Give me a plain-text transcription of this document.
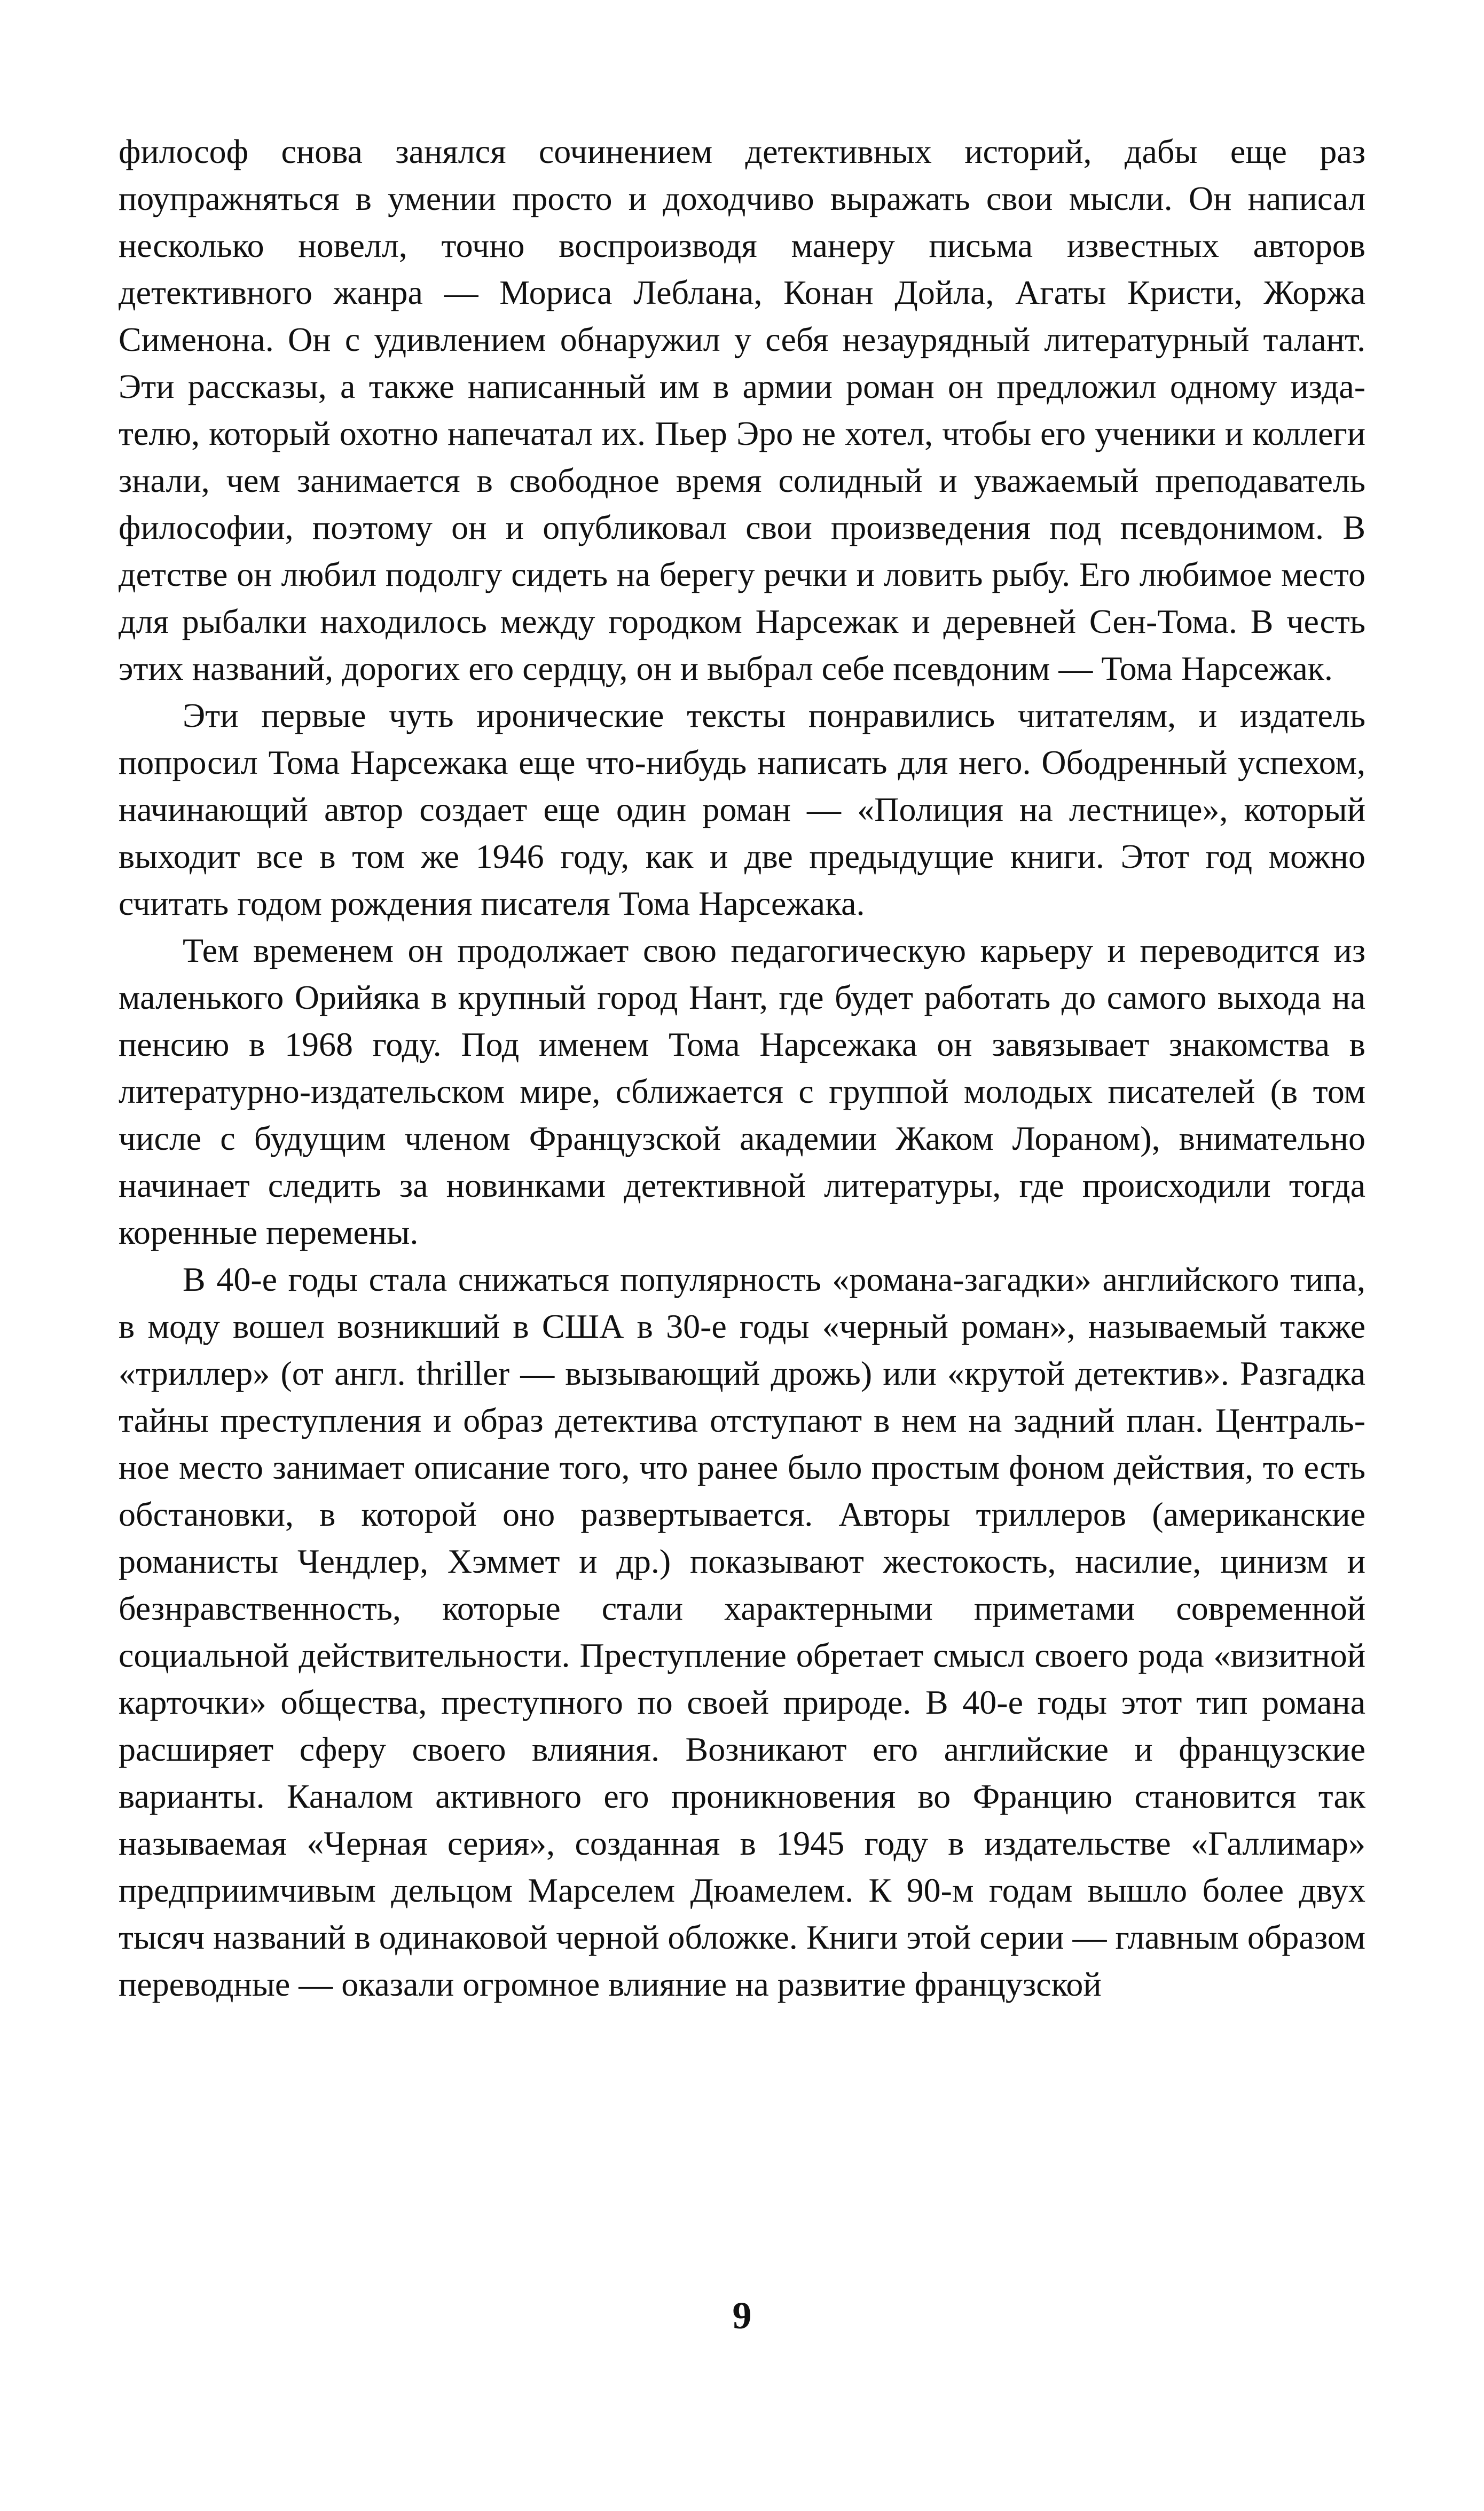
философ снова занялся сочинением детективных историй, дабы еще раз поупражняться в умении просто и доходчиво выражать свои мысли. Он написал несколько новелл, точно воспроизводя манеру письма известных авторов детективного жанра — Мориса Леблана, Конан Дойла, Агаты Кристи, Жоржа Сименона. Он с удивлением обнаружил у себя незаурядный литературный талант. Эти рассказы, а также написанный им в армии роман он предложил одному издателю, который охотно напечатал их. Пьер Эро не хотел, чтобы его ученики и коллеги знали, чем занимается в свободное время солидный и уважаемый преподаватель философии, поэтому он и опубликовал свои произведения под псевдонимом. В детстве он любил подолгу сидеть на берегу речки и ловить рыбу. Его любимое место для рыбалки находилось между городком Нарсежак и деревней Сен-Тома. В честь этих названий, дорогих его сердцу, он и выбрал себе псевдоним — Тома Нарсежак.

Эти первые чуть иронические тексты понравились читателям, и издатель попросил Тома Нарсежака еще что-нибудь написать для него. Ободренный успехом, начинающий автор создает еще один роман — «Полиция на лестнице», который выходит все в том же 1946 году, как и две предыдущие книги. Этот год можно считать годом рождения писателя Тома Нарсежака.

Тем временем он продолжает свою педагогическую карьеру и переводится из маленького Орийяка в крупный город Нант, где будет работать до самого выхода на пенсию в 1968 году. Под именем Тома Нарсежака он завязывает знакомства в литературно-издательском мире, сближается с группой молодых писателей (в том числе с будущим членом Французской академии Жаком Лораном), внимательно начинает следить за новинками детективной литературы, где происходили тогда коренные перемены.

В 40-е годы стала снижаться популярность «романа-загадки» английского типа, в моду вошел возникший в США в 30-е годы «черный роман», называемый также «триллер» (от англ. thriller — вызывающий дрожь) или «крутой детектив». Разгадка тайны преступления и образ детектива отступают в нем на задний план. Центральное место занимает описание того, что ранее было простым фоном действия, то есть обстановки, в которой оно развертывается. Авторы триллеров (американские романисты Чендлер, Хэммет и др.) показывают жестокость, насилие, цинизм и безнравственность, которые стали характерными приметами современной социальной действительности. Преступление обретает смысл своего рода «визитной карточки» общества, преступного по своей природе. В 40-е годы этот тип романа расширяет сферу своего влияния. Возникают его английские и французские варианты. Каналом активного его проникновения во Францию становится так называемая «Черная серия», созданная в 1945 году в издательстве «Галлимар» предприимчивым дельцом Марселем Дюамелем. К 90-м годам вышло более двух тысяч названий в одинаковой черной обложке. Книги этой серии — главным образом переводные — оказали огромное влияние на развитие французской

9
